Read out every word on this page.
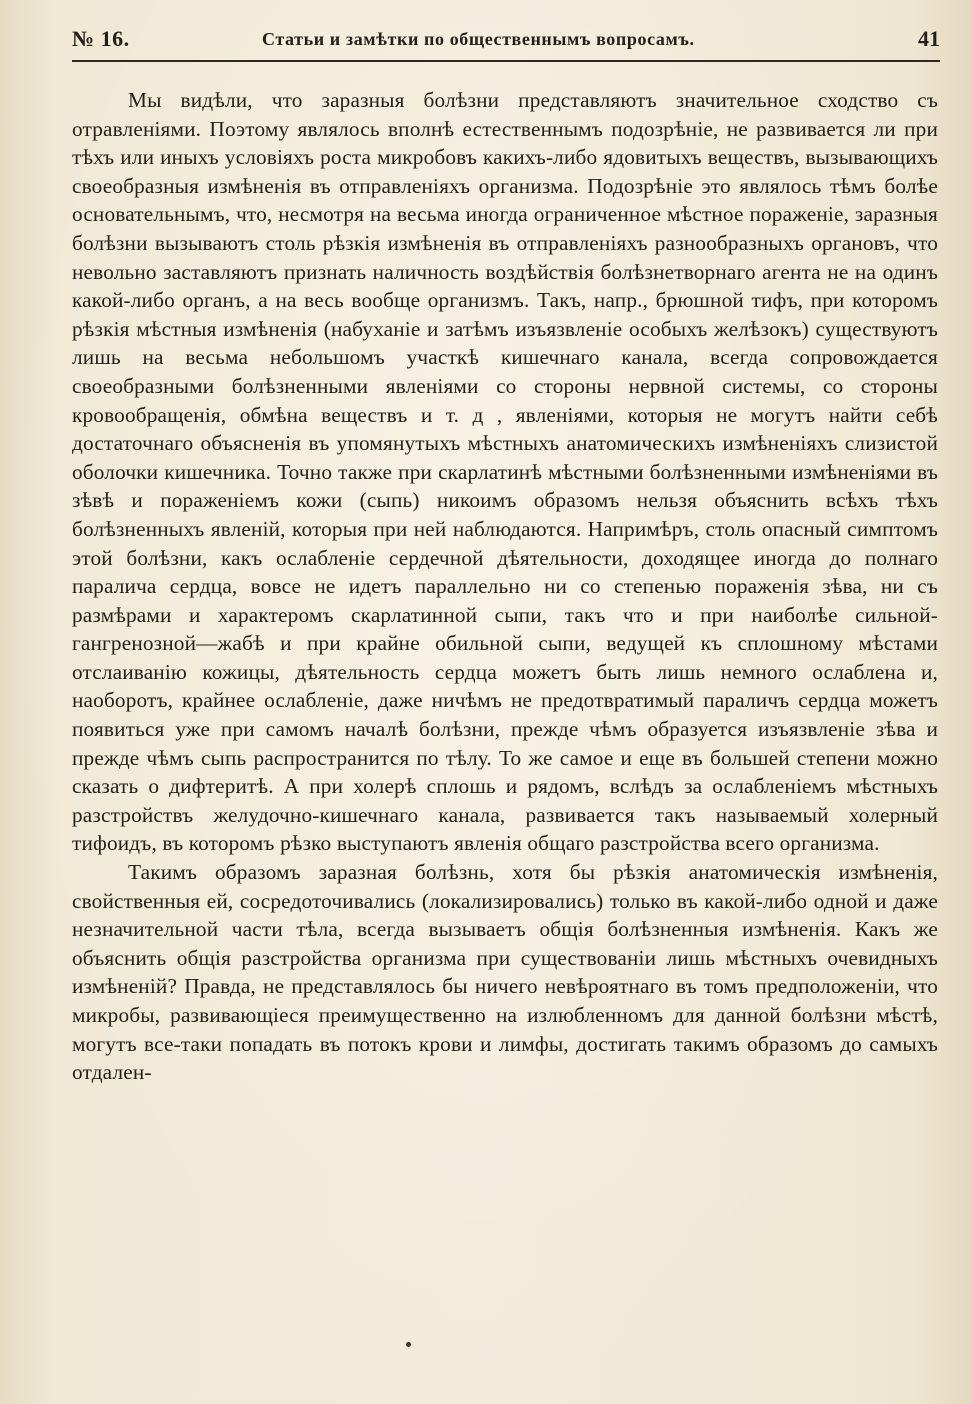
№ 16.	Статьи и замѣтки по общественнымъ вопросамъ.	41

Мы видѣли, что заразныя болѣзни представляютъ значительное сходство съ отравленіями. Поэтому являлось вполнѣ естественнымъ подозрѣніе, не развивается ли при тѣхъ или иныхъ условіяхъ роста микробовъ какихъ-либо ядовитыхъ веществъ, вызывающихъ своеобразныя измѣненія въ отправленіяхъ организма. Подозрѣніе это являлось тѣмъ болѣе основательнымъ, что, несмотря на весьма иногда ограниченное мѣстное пораженіе, заразныя болѣзни вызываютъ столь рѣзкія измѣненія въ отправленіяхъ разнообразныхъ органовъ, что невольно заставляютъ признать наличность воздѣйствія болѣзнетворнаго агента не на одинъ какой-либо органъ, а на весь вообще организмъ. Такъ, напр., брюшной тифъ, при которомъ рѣзкія мѣстныя измѣненія (набуханіе и затѣмъ изъязвленіе особыхъ желѣзокъ) существуютъ лишь на весьма небольшомъ участкѣ кишечнаго канала, всегда сопровождается своеобразными болѣзненными явленіями со стороны нервной системы, со стороны кровообращенія, обмѣна веществъ и т. д , явленіями, которыя не могутъ найти себѣ достаточнаго объясненія въ упомянутыхъ мѣстныхъ анатомическихъ измѣненіяхъ слизистой оболочки кишечника. Точно также при скарлатинѣ мѣстными болѣзненными измѣненіями въ зѣвѣ и пораженіемъ кожи (сыпь) никоимъ образомъ нельзя объяснить всѣхъ тѣхъ болѣзненныхъ явленій, которыя при ней наблюдаются. Напримѣръ, столь опасный симптомъ этой болѣзни, какъ ослабленіе сердечной дѣятельности, доходящее иногда до полнаго паралича сердца, вовсе не идетъ параллельно ни со степенью пораженія зѣва, ни съ размѣрами и характеромъ скарлатинной сыпи, такъ что и при наиболѣе сильной-гангренозной—жабѣ и при крайне обильной сыпи, ведущей къ сплошному мѣстами отслаиванію кожицы, дѣятельность сердца можетъ быть лишь немного ослаблена и, наоборотъ, крайнее ослабленіе, даже ничѣмъ не предотвратимый параличъ сердца можетъ появиться уже при самомъ началѣ болѣзни, прежде чѣмъ образуется изъязвленіе зѣва и прежде чѣмъ сыпь распространится по тѣлу. То же самое и еще въ большей степени можно сказать о дифтеритѣ. А при холерѣ сплошь и рядомъ, вслѣдъ за ослабленіемъ мѣстныхъ разстройствъ желудочно-кишечнаго канала, развивается такъ называемый холерный тифоидъ, въ которомъ рѣзко выступаютъ явленія общаго разстройства всего организма.

Такимъ образомъ заразная болѣзнь, хотя бы рѣзкія анатомическія измѣненія, свойственныя ей, сосредоточивались (локализировались) только въ какой-либо одной и даже незначительной части тѣла, всегда вызываетъ общія болѣзненныя измѣненія. Какъ же объяснить общія разстройства организма при существованіи лишь мѣстныхъ очевидныхъ измѣненій? Правда, не представлялось бы ничего невѣроятнаго въ томъ предположеніи, что микробы, развивающіеся преимущественно на излюбленномъ для данной болѣзни мѣстѣ, могутъ все-таки попадать въ потокъ крови и лимфы, достигать такимъ образомъ до самыхъ отдален-
